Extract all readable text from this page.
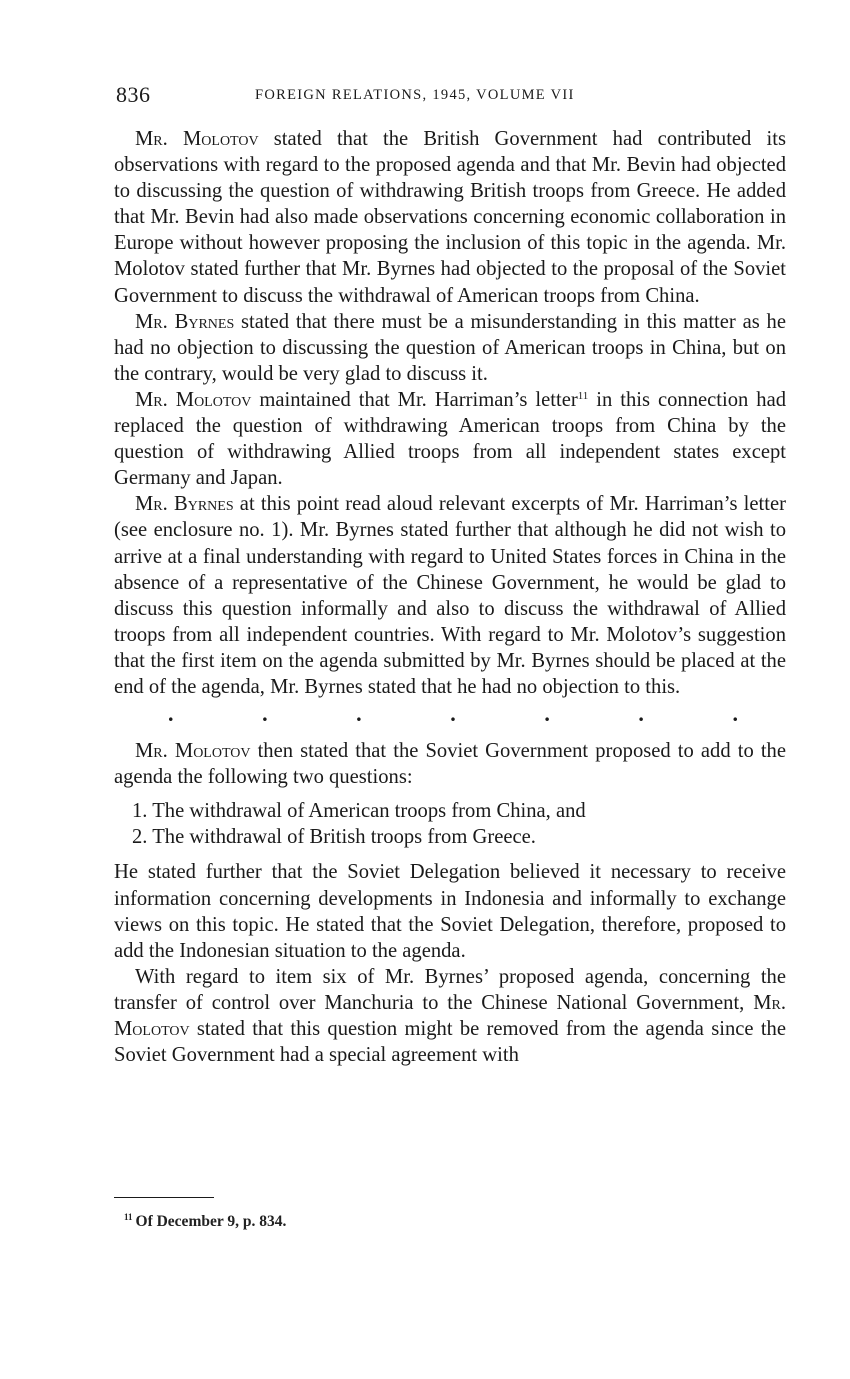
836	FOREIGN RELATIONS, 1945, VOLUME VII

Mr. Molotov stated that the British Government had contributed its observations with regard to the proposed agenda and that Mr. Bevin had objected to discussing the question of withdrawing British troops from Greece. He added that Mr. Bevin had also made observations concerning economic collaboration in Europe without however proposing the inclusion of this topic in the agenda. Mr. Molotov stated further that Mr. Byrnes had objected to the proposal of the Soviet Government to discuss the withdrawal of American troops from China.

Mr. Byrnes stated that there must be a misunderstanding in this matter as he had no objection to discussing the question of American troops in China, but on the contrary, would be very glad to discuss it.

Mr. Molotov maintained that Mr. Harriman’s letter$^{11}$ in this connection had replaced the question of withdrawing American troops from China by the question of withdrawing Allied troops from all independent states except Germany and Japan.

Mr. Byrnes at this point read aloud relevant excerpts of Mr. Harriman’s letter (see enclosure no. 1). Mr. Byrnes stated further that although he did not wish to arrive at a final understanding with regard to United States forces in China in the absence of a representative of the Chinese Government, he would be glad to discuss this question informally and also to discuss the withdrawal of Allied troops from all independent countries. With regard to Mr. Molotov’s suggestion that the first item on the agenda submitted by Mr. Byrnes should be placed at the end of the agenda, Mr. Byrnes stated that he had no objection to this.

.	.	.	.	.	.	.

Mr. Molotov then stated that the Soviet Government proposed to add to the agenda the following two questions:

1. The withdrawal of American troops from China, and
2. The withdrawal of British troops from Greece.

He stated further that the Soviet Delegation believed it necessary to receive information concerning developments in Indonesia and informally to exchange views on this topic. He stated that the Soviet Delegation, therefore, proposed to add the Indonesian situation to the agenda.

With regard to item six of Mr. Byrnes’ proposed agenda, concerning the transfer of control over Manchuria to the Chinese National Government, Mr. Molotov stated that this question might be removed from the agenda since the Soviet Government had a special agreement with

$^{11}$ Of December 9, p. 834.
